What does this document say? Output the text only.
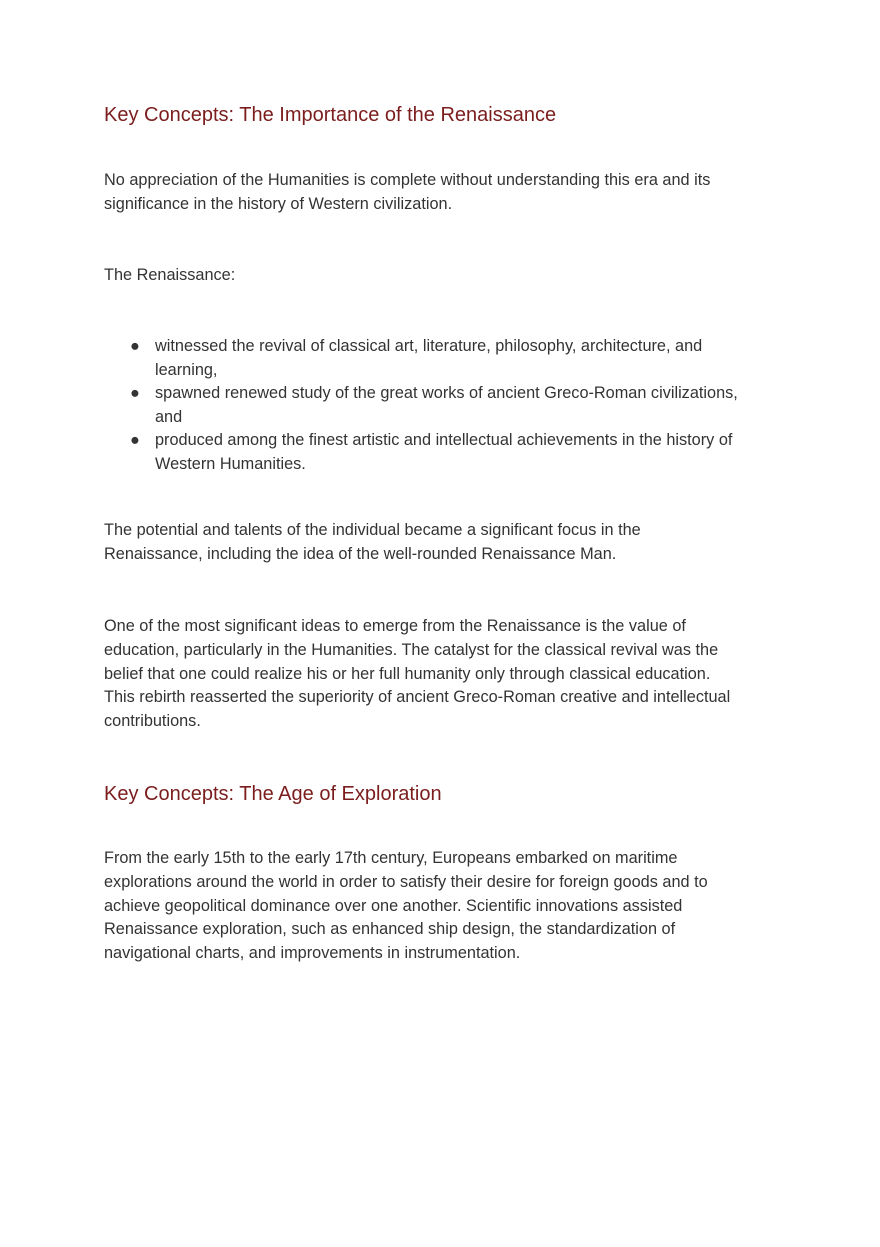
Key Concepts: The Importance of the Renaissance
No appreciation of the Humanities is complete without understanding this era and its
significance in the history of Western civilization.
The Renaissance:
● witnessed the revival of classical art, literature, philosophy, architecture, and
learning,
● spawned renewed study of the great works of ancient Greco-Roman civilizations,
and
● produced among the finest artistic and intellectual achievements in the history of
Western Humanities.
The potential and talents of the individual became a significant focus in the
Renaissance, including the idea of the well-rounded Renaissance Man.
One of the most significant ideas to emerge from the Renaissance is the value of
education, particularly in the Humanities. The catalyst for the classical revival was the
belief that one could realize his or her full humanity only through classical education.
This rebirth reasserted the superiority of ancient Greco-Roman creative and intellectual
contributions.
Key Concepts: The Age of Exploration
From the early 15th to the early 17th century, Europeans embarked on maritime
explorations around the world in order to satisfy their desire for foreign goods and to
achieve geopolitical dominance over one another. Scientific innovations assisted
Renaissance exploration, such as enhanced ship design, the standardization of
navigational charts, and improvements in instrumentation.
